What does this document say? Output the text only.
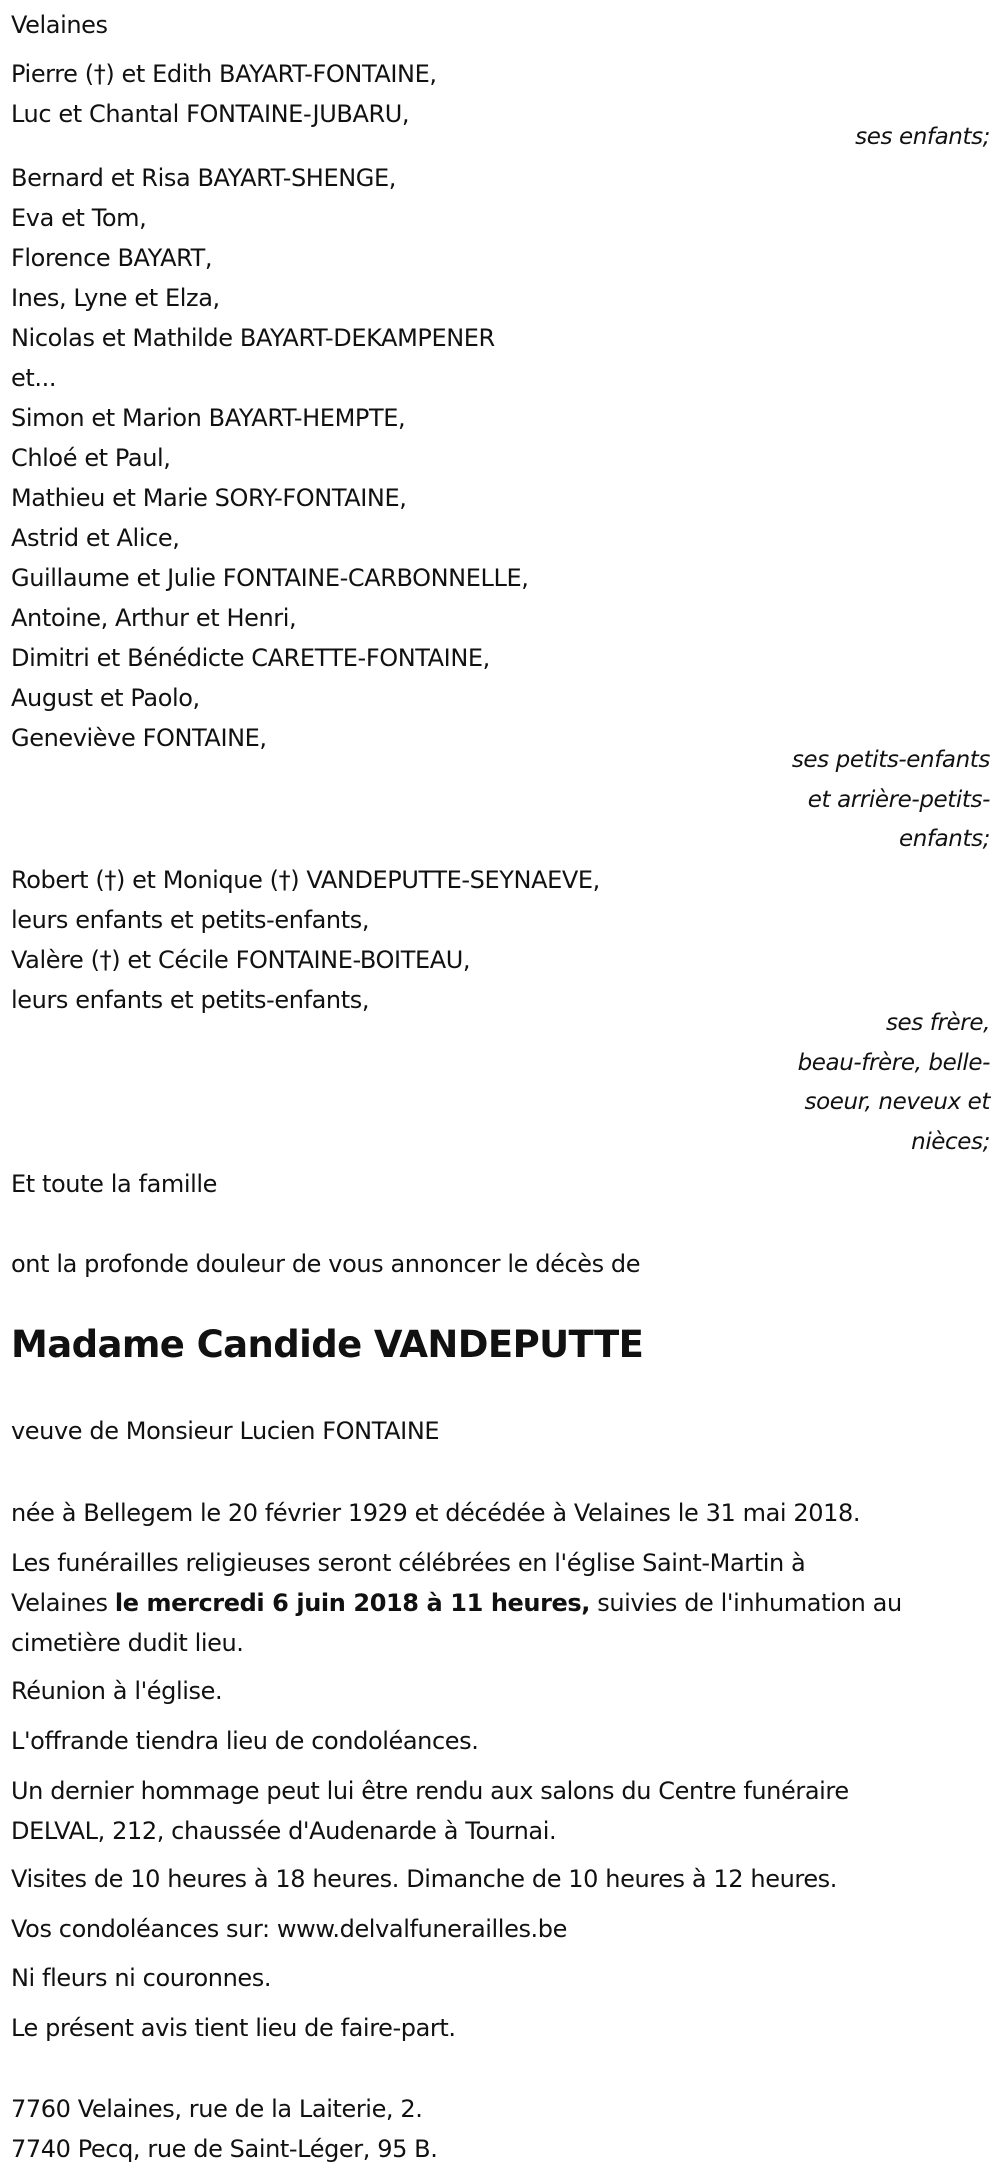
Velaines
Pierre (†) et Edith BAYART-FONTAINE,
Luc et Chantal FONTAINE-JUBARU,
ses enfants;
Bernard et Risa BAYART-SHENGE,
Eva et Tom,
Florence BAYART,
Ines, Lyne et Elza,
Nicolas et Mathilde BAYART-DEKAMPENER
et...
Simon et Marion BAYART-HEMPTE,
Chloé et Paul,
Mathieu et Marie SORY-FONTAINE,
Astrid et Alice,
Guillaume et Julie FONTAINE-CARBONNELLE,
Antoine, Arthur et Henri,
Dimitri et Bénédicte CARETTE-FONTAINE,
August et Paolo,
Geneviève FONTAINE,
ses petits-enfants
et arrière-petits-
enfants;
Robert (†) et Monique (†) VANDEPUTTE-SEYNAEVE,
leurs enfants et petits-enfants,
Valère (†) et Cécile FONTAINE-BOITEAU,
leurs enfants et petits-enfants,
ses frère,
beau-frère, belle-
soeur, neveux et
nièces;
Et toute la famille
ont la profonde douleur de vous annoncer le décès de
Madame Candide VANDEPUTTE
veuve de Monsieur Lucien FONTAINE
née à Bellegem le 20 février 1929 et décédée à Velaines le 31 mai 2018.
Les funérailles religieuses seront célébrées en l'église Saint-Martin à
Velaines le mercredi 6 juin 2018 à 11 heures, suivies de l'inhumation au
cimetière dudit lieu.
Réunion à l'église.
L'offrande tiendra lieu de condoléances.
Un dernier hommage peut lui être rendu aux salons du Centre funéraire
DELVAL, 212, chaussée d'Audenarde à Tournai.
Visites de 10 heures à 18 heures. Dimanche de 10 heures à 12 heures.
Vos condoléances sur: www.delvalfunerailles.be
Ni fleurs ni couronnes.
Le présent avis tient lieu de faire-part.
7760 Velaines, rue de la Laiterie, 2.
7740 Pecq, rue de Saint-Léger, 95 B.
